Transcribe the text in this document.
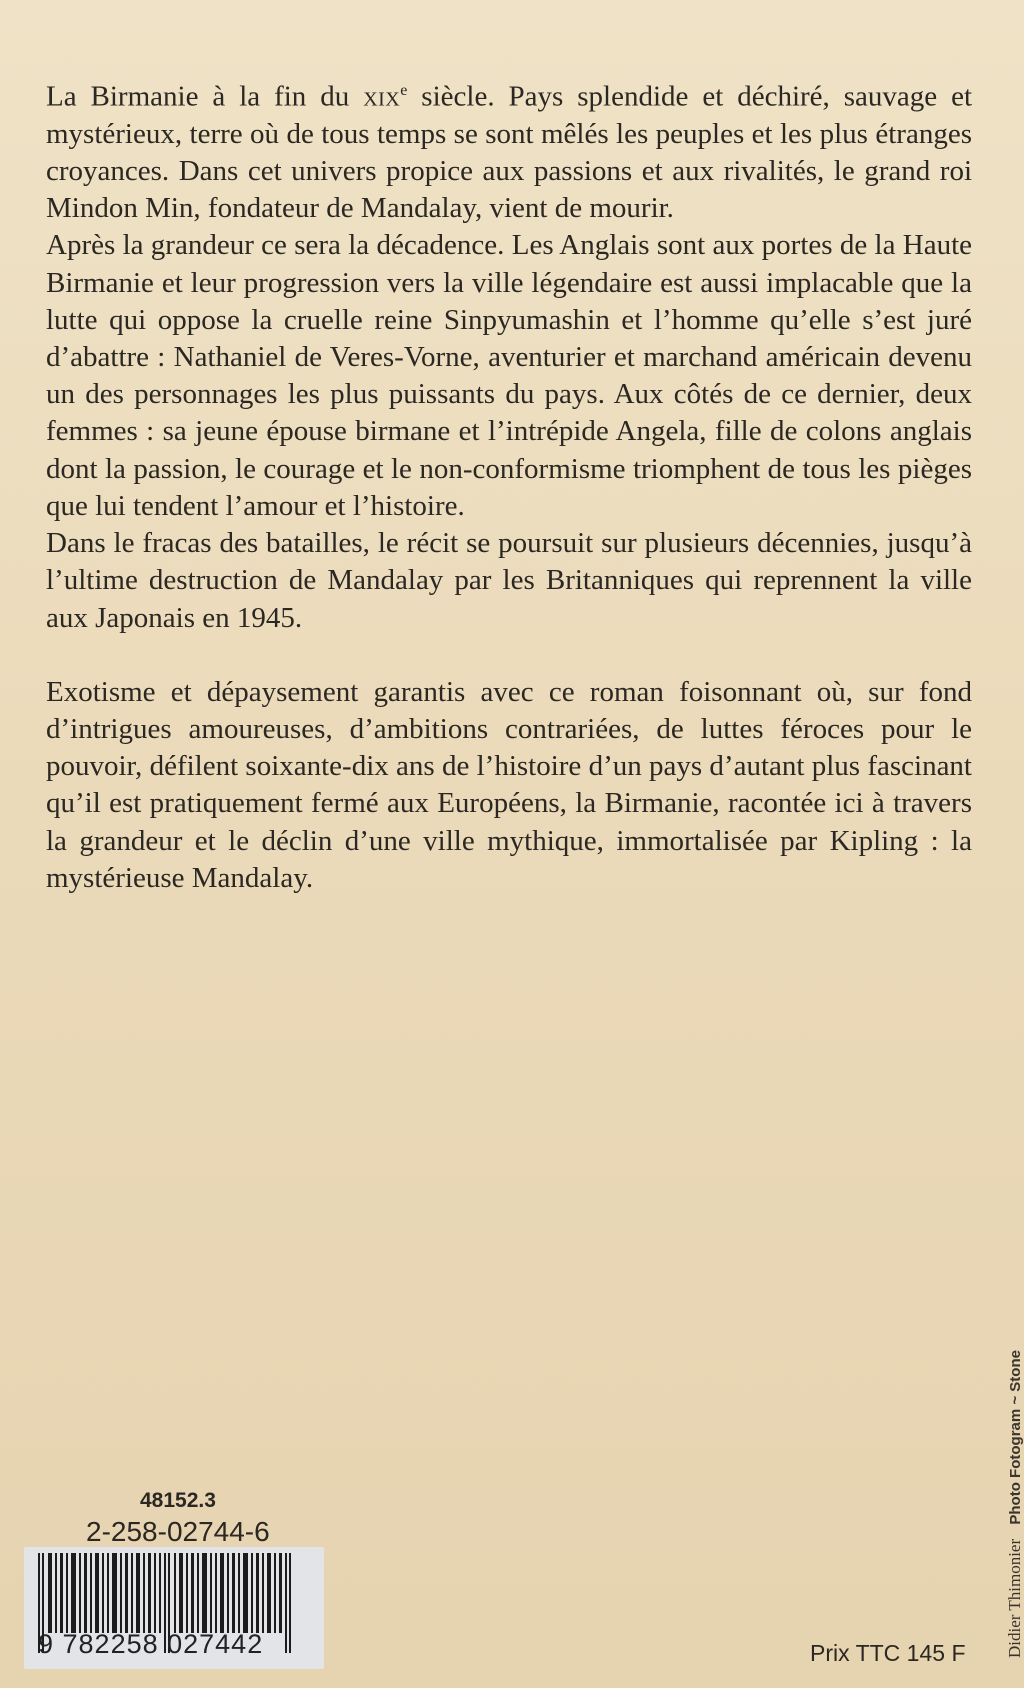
La Birmanie à la fin du xix$^e$ siècle. Pays splendide et déchiré, sauvage et mystérieux, terre où de tous temps se sont mêlés les peuples et les plus étranges croyances. Dans cet univers propice aux passions et aux rivalités, le grand roi Mindon Min, fondateur de Mandalay, vient de mourir.

Après la grandeur ce sera la décadence. Les Anglais sont aux portes de la Haute Birmanie et leur progression vers la ville légendaire est aussi implacable que la lutte qui oppose la cruelle reine Sinpyumashin et l’homme qu’elle s’est juré d’abattre : Nathaniel de Veres-Vorne, aventurier et marchand américain devenu un des personnages les plus puissants du pays. Aux côtés de ce dernier, deux femmes : sa jeune épouse birmane et l’intrépide Angela, fille de colons anglais dont la passion, le courage et le non-conformisme triomphent de tous les pièges que lui tendent l’amour et l’histoire.

Dans le fracas des batailles, le récit se poursuit sur plusieurs décennies, jusqu’à l’ultime destruction de Mandalay par les Britanniques qui reprennent la ville aux Japonais en 1945.

Exotisme et dépaysement garantis avec ce roman foisonnant où, sur fond d’intrigues amoureuses, d’ambitions contrariées, de luttes féroces pour le pouvoir, défilent soixante-dix ans de l’histoire d’un pays d’autant plus fascinant qu’il est pratiquement fermé aux Européens, la Birmanie, racontée ici à travers la grandeur et le déclin d’une ville mythique, immortalisée par Kipling : la mystérieuse Mandalay.

Didier Thimonier Photo Fotogram ~ Stone
48152.3
2-258-02744-6
9 782258 027442	Prix TTC 145 F
